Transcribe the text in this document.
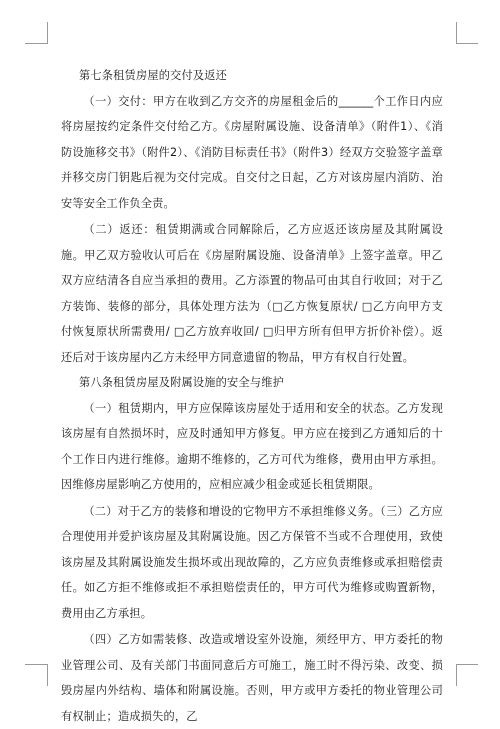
第七条租赁房屋的交付及返还

（一）交付：甲方在收到乙方交齐的房屋租金后的______个工作日内应将房屋按约定条件交付给乙方。《房屋附属设施、设备清单》（附件1）、《消防设施移交书》（附件2）、《消防目标责任书》（附件3）经双方交验签字盖章并移交房门钥匙后视为交付完成。自交付之日起，乙方对该房屋内消防、治安等安全工作负全责。

（二）返还：租赁期满或合同解除后，乙方应返还该房屋及其附属设施。甲乙双方验收认可后在《房屋附属设施、设备清单》上签字盖章。甲乙双方应结清各自应当承担的费用。乙方添置的物品可由其自行收回；对于乙方装饰、装修的部分，具体处理方法为（□乙方恢复原状/ □乙方向甲方支付恢复原状所需费用/ □乙方放弃收回/ □归甲方所有但甲方折价补偿）。返还后对于该房屋内乙方未经甲方同意遗留的物品，甲方有权自行处置。

第八条租赁房屋及附属设施的安全与维护

（一）租赁期内，甲方应保障该房屋处于适用和安全的状态。乙方发现该房屋有自然损坏时，应及时通知甲方修复。甲方应在接到乙方通知后的十个工作日内进行维修。逾期不维修的，乙方可代为维修，费用由甲方承担。因维修房屋影响乙方使用的，应相应减少租金或延长租赁期限。

（二）对于乙方的装修和增设的它物甲方不承担维修义务。（三）乙方应合理使用并爱护该房屋及其附属设施。因乙方保管不当或不合理使用，致使该房屋及其附属设施发生损坏或出现故障的，乙方应负责维修或承担赔偿责任。如乙方拒不维修或拒不承担赔偿责任的，甲方可代为维修或购置新物，费用由乙方承担。

（四）乙方如需装修、改造或增设室外设施，须经甲方、甲方委托的物业管理公司、及有关部门书面同意后方可施工，施工时不得污染、改变、损毁房屋内外结构、墙体和附属设施。否则，甲方或甲方委托的物业管理公司有权制止；造成损失的，乙
